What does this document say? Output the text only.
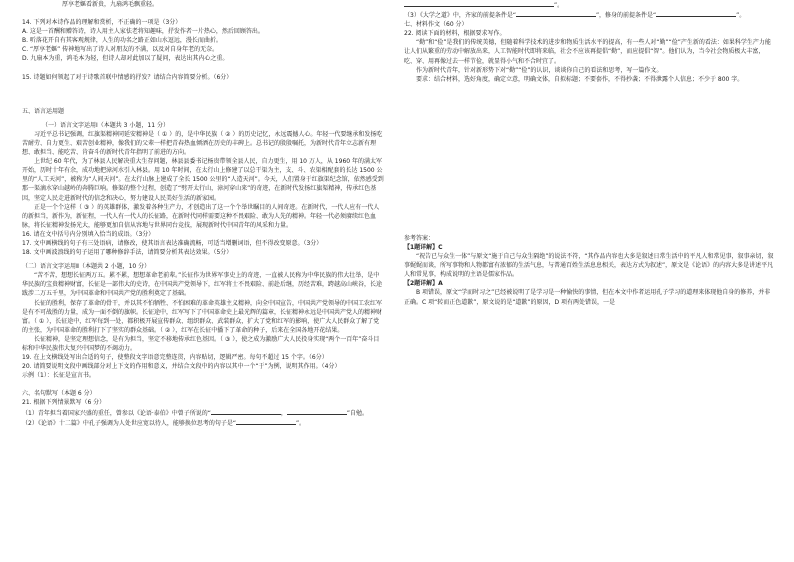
厚享老嫗看新贵，九扇鸿毛飘重轻。

14. 下列对本诗作品的理解和赏析，不正确的一项是（3分）

A. 这是一首酬和赠答诗，诗人用主人家怯老将知趣味，抒发作者一片热心，然后回顾答出。

B. 听落花开自有其客观规律，人生的功名之路正如山水逗远，漫长而曲折。

C. “厚享老嫗” 传神地写出了诗人对朋友的不满，以及对自身年老的无奈。

D. 九扇本为重，鸿毛本为轻，但诗人却对此加以了疑问，表达出其内心之重。

15. 诗题如何领起了对于诗歌首联中情感的抒发？请结合内容简要分析。（6分）

五、语言运用题

（一）语言文字运用Ⅰ（本题共 3 小题，11 分）

习近平总书记强调，红旗渠精神同延安精神是（ ① ）的，是中华民族（ ② ）的历史记忆，永远震撼人心。年轻一代要继承和发扬吃苦耐劳、自力更生、艰苦创业精神，像我们的父辈一样把青春热血倾洒在历史的丰碑上。总书记的殷殷嘱托，为新时代青年立志新有理想、敢担当、能吃苦、肯奋斗的新时代青年指明了前进的方向。

上世纪 60 年代，为了林县人民解决重大生存问题，林县县委书记杨贵带领全县人民，自力更生，用 10 万人，从 1960 年的满太军开始，历时十年有余，成功地把漳河水引入林县。用 10 年时间，在太行山上修建了以总干渠为主，支、斗、农渠相配套的长达 1500 公里的“人工天河”，被称为“人间天河”。在太行山脉上建成了全长 1500 公里的“人造天河”。今天，人们置身于红旗渠纪念馆，依然感受到那一渠滴水穿山越岭的奔腾巨响。修渠的整个过程，创造了“劈开太行山，漳河穿山来”的奇迹，在新时代发扬红旗渠精神，传承红色基因，坚定人民走进新时代的信念和决心，努力建设人民美好生活的新家园。

正是一个个这样（ ③ ）的英雄群体，激发着各种生产力，才创造出了这一个个举世瞩目的人间奇迹。在新时代，一代人应有一代人的新担当，新作为，新征程，一代人有一代人的长征路，在新时代同样需要这种不畏艰险、敢为人先的精神。年轻一代必须赓续红色血脉，将长征精神发扬光大，能够更加自信从容地与世界同台竞技，展现新时代中国青年的风采和力量。

16. 请在文中括号内分别填入恰当的成语。（3分）

17. 文中画横线的句子有三处语病，请修改，使其语言表达准确流畅，可适当增删词语，但不得改变原意。（3分）

18. 文中画波浪线的句子运用了哪种修辞手法，请简要分析其表达效果。（5分）

（二）语言文字运用Ⅱ（本题共 2 小题，10 分）

“苦不苦，想想长征两万五。累不累，想想革命老前辈。”长征作为世界军事史上的奇迹，一直被人民称为中华民族的伟大壮举，是中华民族的宝贵精神财富，长征是一部伟大的史诗，在中国共产党领导下，红军将士不畏艰险、前赴后继，历经苦难，跨越高山峡谷，长途跋涉二万五千里，为中国革命和中国共产党的胜利奠定了基础。

长征的胜利，保存了革命的骨干，并以其不怕牺牲、不怕困难的革命英雄主义精神，向全中国宣告，中国共产党领导的中国工农红军是有不可战胜的力量，成为一面不倒的旗帜。长征途中，红军写下了中国革命史上最光辉的篇章，长征精神永远是中国共产党人的精神财富。（ ① ），长征途中，红军每到一处，都积极开展宣传群众、组织群众、武装群众，扩大了党和红军的影响，使广大人民群众了解了党的主张，为中国革命的胜利打下了坚实的群众基础。（ ② ），红军在长征中播下了革命的种子，后来在全国各地开花结果。

长征精神，是坚定理想信念，是有为担当，坚定不移地传承红色基因。（ ③ ），使之成为激励广大人民投身实现“两个一百年”奋斗目标和中华民族伟大复兴中国梦的不竭动力。

19. 在上文横线处写出合适的句子，使整段文字语意完整连贯，内容贴切，逻辑严密。每句不超过 15 个字。（6分）

20. 请简要说明文段中画线部分对上下文的作用和意义，并结合文段中的内容以其中一个“于”为例，说明其作用。（4分）

示例（1）：长征是宣言书。

六、名句默写（本题 6 分）

21. 根据下列情景默写（6 分）

（1）青年担当着国家兴盛的重任，曾参以《论语·泰伯》中曾子所说的“	，	”自勉。

（2）《论语》十二篇》中孔子强调为人处世应宽以待人，能够换位思考的句子是“	”。

”。

（3）《大学之道》中，齐家的前提条件是“	”，修身的前提条件是“	”。

七、材料作文（60 分）

22. 阅读下面的材料，根据要求写作。

“勤”和“俭”是我们的传统美德，但随着科学技术的进步和物质生活水平的提高，有一些人对“勤”“俭”产生新的看法：如果科学生产力能让人们从繁重的劳动中解放出来，人工智能时代即将来临，社会不应该再提倡“勤”，而应提倡“智”。他们认为，当今社会物质极大丰富，吃、穿、用再像过去一样节俭，就显得小气和不合时宜了。

作为新时代青年，针对新形势下对“勤”“俭”的认识，谈谈你自己的看法和思考，写一篇作文。

要求：结合材料，选好角度，确定立意，明确文体，自拟标题；不要套作，不得抄袭；不得泄露个人信息；不少于 800 字。

参考答案：

【1题详解】C

“祝告已与众生一体”与原文“施于自己与众生隔绝”的说法不符，“其作品内容也大多是叙述日常生活中的平凡人和常见事，叙事亲切，叙事娓娓而谈，所写事物和人物都富有浓郁的生活气息，与普通百姓生活息息相关，表达方式为叙述”，原文是《论语》的内容大多是讲述平凡人和常见事，构成说明的主语是儒家作品。

【2题详解】A

B 项错误，原文“学而时习之”已经被说明了是学习是一种愉快的事情，但在本文中作者运用孔子学习的道理来体现他自身的修养，并非正确。C 项“转而正色道歉”，原文说的是“道歉”的原因，D 项有两处错误，一是
